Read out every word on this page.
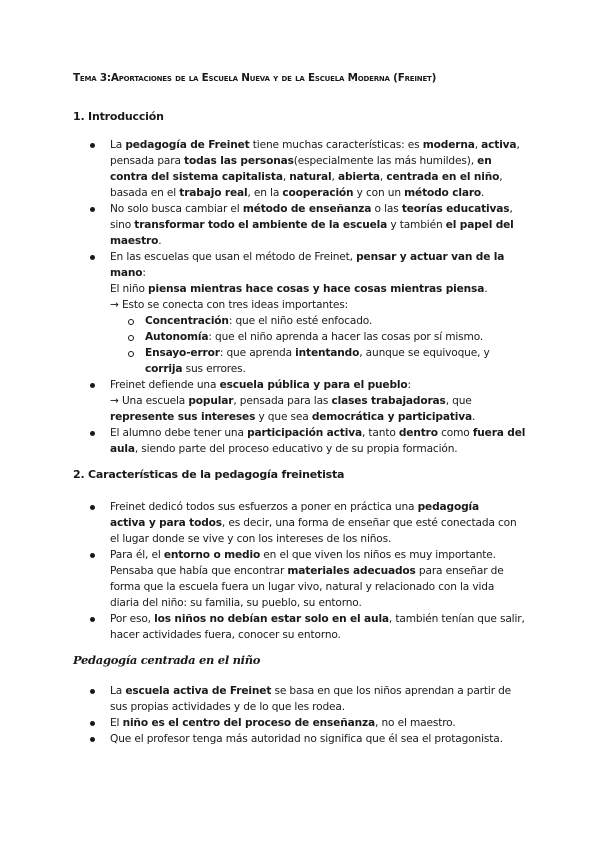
Tema 3:Aportaciones de la Escuela Nueva y de la Escuela Moderna (Freinet)
1. Introducción
2. Características de la pedagogía freinetista
Pedagogía centrada en el niño
La pedagogía de Freinet tiene muchas características: es moderna, activa,
pensada para todas las personas(especialmente las más humildes), en
contra del sistema capitalista, natural, abierta, centrada en el niño,
basada en el trabajo real, en la cooperación y con un método claro.
No solo busca cambiar el método de enseñanza o las teorías educativas,
sino transformar todo el ambiente de la escuela y también el papel del
maestro.
En las escuelas que usan el método de Freinet, pensar y actuar van de la
mano:
El niño piensa mientras hace cosas y hace cosas mientras piensa.
→ Esto se conecta con tres ideas importantes:
Concentración: que el niño esté enfocado.
Autonomía: que el niño aprenda a hacer las cosas por sí mismo.
Ensayo-error: que aprenda intentando, aunque se equivoque, y
corrija sus errores.
Freinet defiende una escuela pública y para el pueblo:
→ Una escuela popular, pensada para las clases trabajadoras, que
represente sus intereses y que sea democrática y participativa.
El alumno debe tener una participación activa, tanto dentro como fuera del
aula, siendo parte del proceso educativo y de su propia formación.
Freinet dedicó todos sus esfuerzos a poner en práctica una pedagogía
activa y para todos, es decir, una forma de enseñar que esté conectada con
el lugar donde se vive y con los intereses de los niños.
Para él, el entorno o medio en el que viven los niños es muy importante.
Pensaba que había que encontrar materiales adecuados para enseñar de
forma que la escuela fuera un lugar vivo, natural y relacionado con la vida
diaria del niño: su familia, su pueblo, su entorno.
Por eso, los niños no debían estar solo en el aula, también tenían que salir,
hacer actividades fuera, conocer su entorno.
La escuela activa de Freinet se basa en que los niños aprendan a partir de
sus propias actividades y de lo que les rodea.
El niño es el centro del proceso de enseñanza, no el maestro.
Que el profesor tenga más autoridad no significa que él sea el protagonista.
